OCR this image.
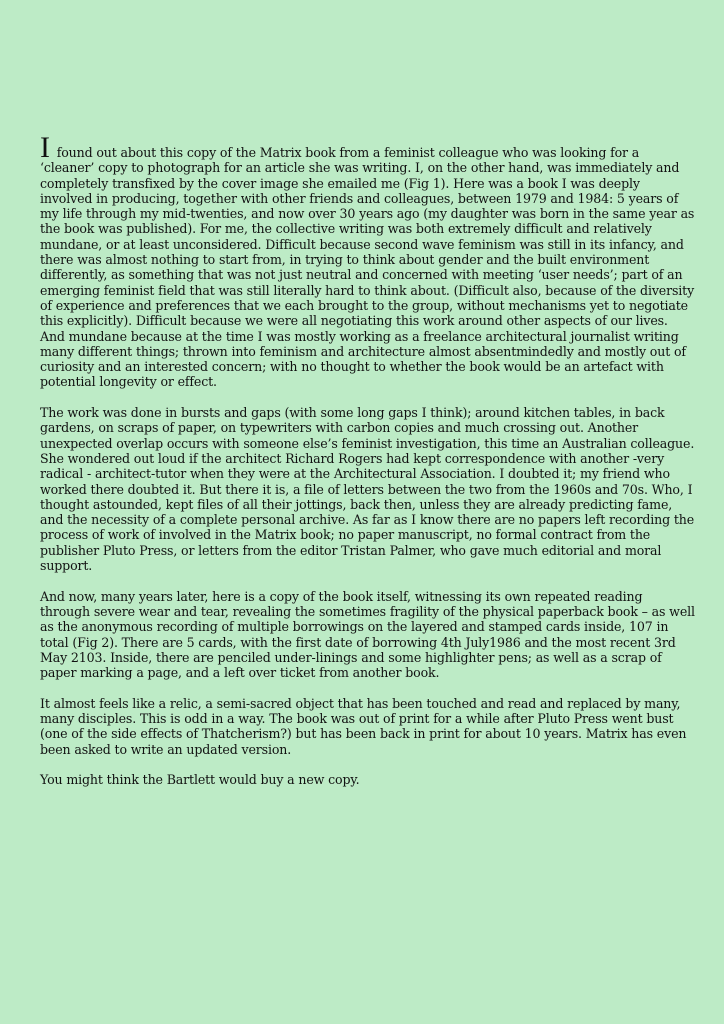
I found out about this copy of the Matrix book from a feminist colleague who was looking for a ‘cleaner’ copy to photograph for an article she was writing. I, on the other hand, was immediately and completely transfixed by the cover image she emailed me (Fig 1). Here was a book I was deeply involved in producing, together with other friends and colleagues, between 1979 and 1984: 5 years of my life through my mid-twenties, and now over 30 years ago (my daughter was born in the same year as the book was published). For me, the collective writing was both extremely difficult and relatively mundane, or at least unconsidered. Difficult because second wave feminism was still in its infancy, and there was almost nothing to start from, in trying to think about gender and the built environment differently, as something that was not just neutral and concerned with meeting ‘user needs’; part of an emerging feminist field that was still literally hard to think about. (Difficult also, because of the diversity of experience and preferences that we each brought to the group, without mechanisms yet to negotiate this explicitly). Difficult because we were all negotiating this work around other aspects of our lives. And mundane because at the time I was mostly working as a freelance architectural journalist writing many different things; thrown into feminism and architecture almost absentmindedly and mostly out of curiosity and an interested concern; with no thought to whether the book would be an artefact with potential longevity or effect.

The work was done in bursts and gaps (with some long gaps I think); around kitchen tables, in back gardens, on scraps of paper, on typewriters with carbon copies and much crossing out. Another unexpected overlap occurs with someone else’s feminist investigation, this time an Australian colleague. She wondered out loud if the architect Richard Rogers had kept correspondence with another -very radical - architect-tutor when they were at the Architectural Association. I doubted it; my friend who worked there doubted it. But there it is, a file of letters between the two from the 1960s and 70s. Who, I thought astounded, kept files of all their jottings, back then, unless they are already predicting fame, and the necessity of a complete personal archive. As far as I know there are no papers left recording the process of work of involved in the Matrix book; no paper manuscript, no formal contract from the publisher Pluto Press, or letters from the editor Tristan Palmer, who gave much editorial and moral support.

And now, many years later, here is a copy of the book itself, witnessing its own repeated reading through severe wear and tear, revealing the sometimes fragility of the physical paperback book – as well as the anonymous recording of multiple borrowings on the layered and stamped cards inside, 107 in total (Fig 2). There are 5 cards, with the first date of borrowing 4th July1986 and the most recent 3rd May 2103. Inside, there are penciled under-linings and some highlighter pens; as well as a scrap of paper marking a page, and a left over ticket from another book.

It almost feels like a relic, a semi-sacred object that has been touched and read and replaced by many, many disciples. This is odd in a way. The book was out of print for a while after Pluto Press went bust (one of the side effects of Thatcherism?) but has been back in print for about 10 years. Matrix has even been asked to write an updated version.

You might think the Bartlett would buy a new copy.
